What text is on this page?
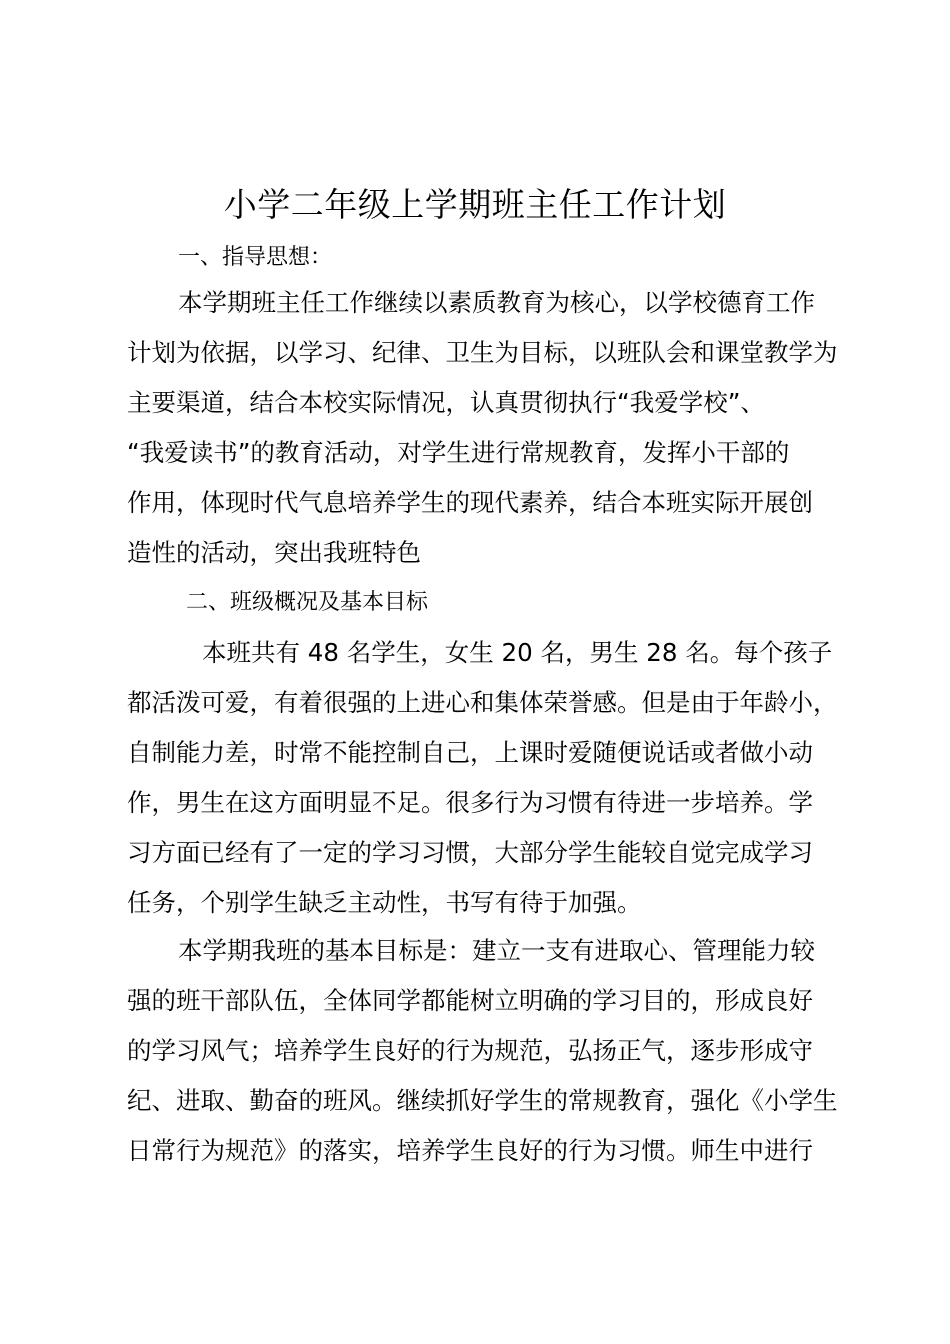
小学二年级上学期班主任工作计划

一、指导思想：

本学期班主任工作继续以素质教育为核心，以学校德育工作

计划为依据，以学习、纪律、卫生为目标，以班队会和课堂教学为

主要渠道，结合本校实际情况，认真贯彻执行“我爱学校”、

“我爱读书”的教育活动，对学生进行常规教育，发挥小干部的

作用，体现时代气息培养学生的现代素养，结合本班实际开展创

造性的活动，突出我班特色

二、班级概况及基本目标

本班共有 48 名学生，女生 20 名，男生 28 名。每个孩子

都活泼可爱，有着很强的上进心和集体荣誉感。但是由于年龄小，

自制能力差，时常不能控制自己，上课时爱随便说话或者做小动

作，男生在这方面明显不足。很多行为习惯有待进一步培养。学

习方面已经有了一定的学习习惯，大部分学生能较自觉完成学习

任务，个别学生缺乏主动性，书写有待于加强。

本学期我班的基本目标是：建立一支有进取心、管理能力较

强的班干部队伍，全体同学都能树立明确的学习目的，形成良好

的学习风气；培养学生良好的行为规范，弘扬正气，逐步形成守

纪、进取、勤奋的班风。继续抓好学生的常规教育，强化《小学生

日常行为规范》的落实，培养学生良好的行为习惯。师生中进行
